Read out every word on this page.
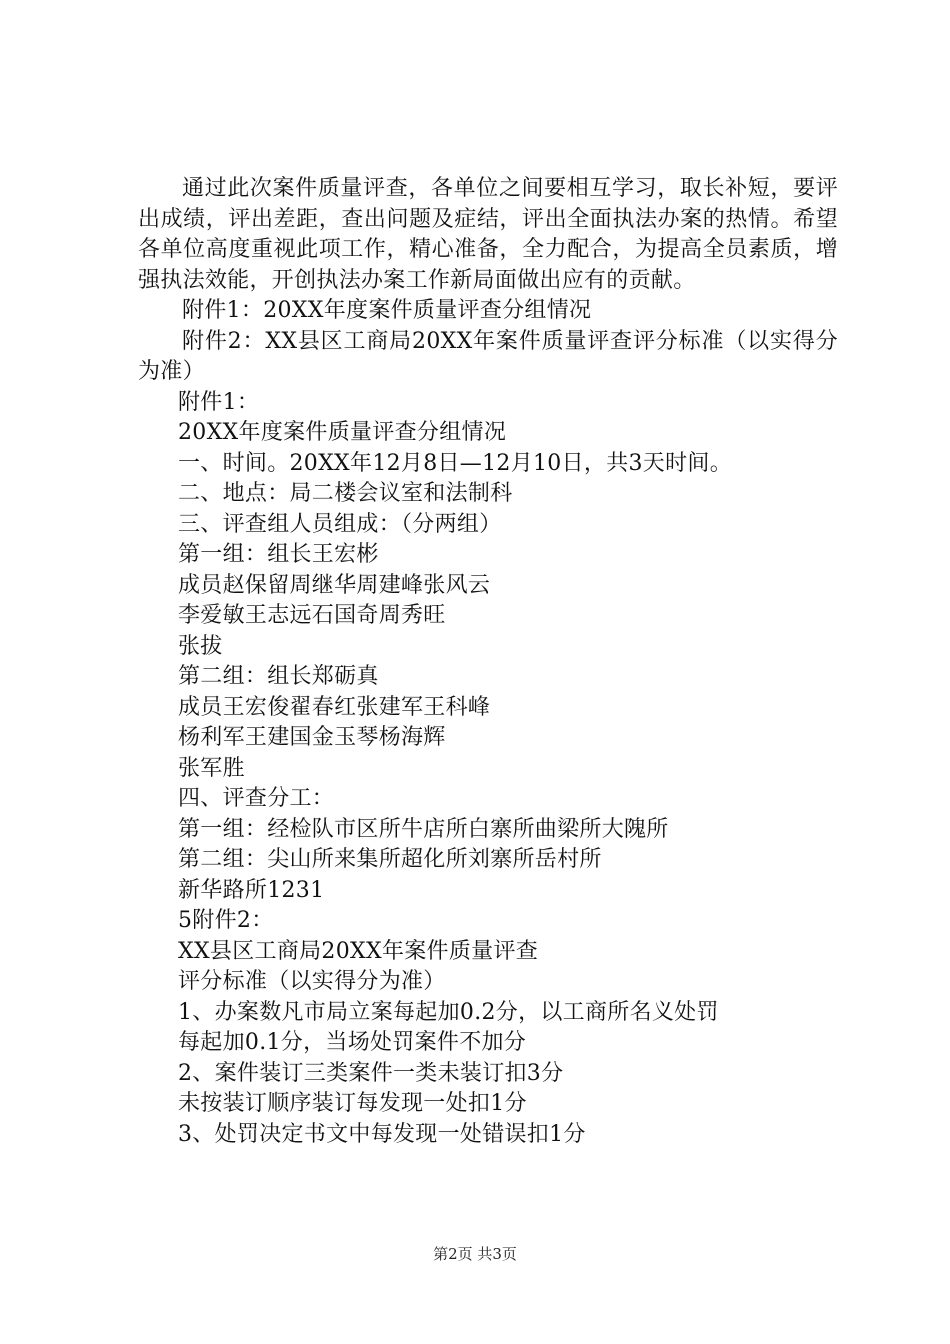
通过此次案件质量评查，各单位之间要相互学习，取长补短，要评出成绩，评出差距，查出问题及症结，评出全面执法办案的热情。希望各单位高度重视此项工作，精心准备，全力配合，为提高全员素质，增强执法效能，开创执法办案工作新局面做出应有的贡献。

附件1：20XX年度案件质量评查分组情况

附件2：XX县区工商局20XX年案件质量评查评分标准（以实得分为准）

附件1：

20XX年度案件质量评查分组情况

一、时间。20XX年12月8日—12月10日，共3天时间。

二、地点：局二楼会议室和法制科

三、评查组人员组成：（分两组）

第一组：组长王宏彬

成员赵保留周继华周建峰张风云

李爱敏王志远石国奇周秀旺

张拔

第二组：组长郑砺真

成员王宏俊翟春红张建军王科峰

杨利军王建国金玉琴杨海辉

张军胜

四、评查分工：

第一组：经检队市区所牛店所白寨所曲梁所大隗所

第二组：尖山所来集所超化所刘寨所岳村所

新华路所1231

5附件2：

XX县区工商局20XX年案件质量评查

评分标准（以实得分为准）

1、办案数凡市局立案每起加0.2分，以工商所名义处罚

每起加0.1分，当场处罚案件不加分

2、案件装订三类案件一类未装订扣3分

未按装订顺序装订每发现一处扣1分

3、处罚决定书文中每发现一处错误扣1分

第2页 共3页
